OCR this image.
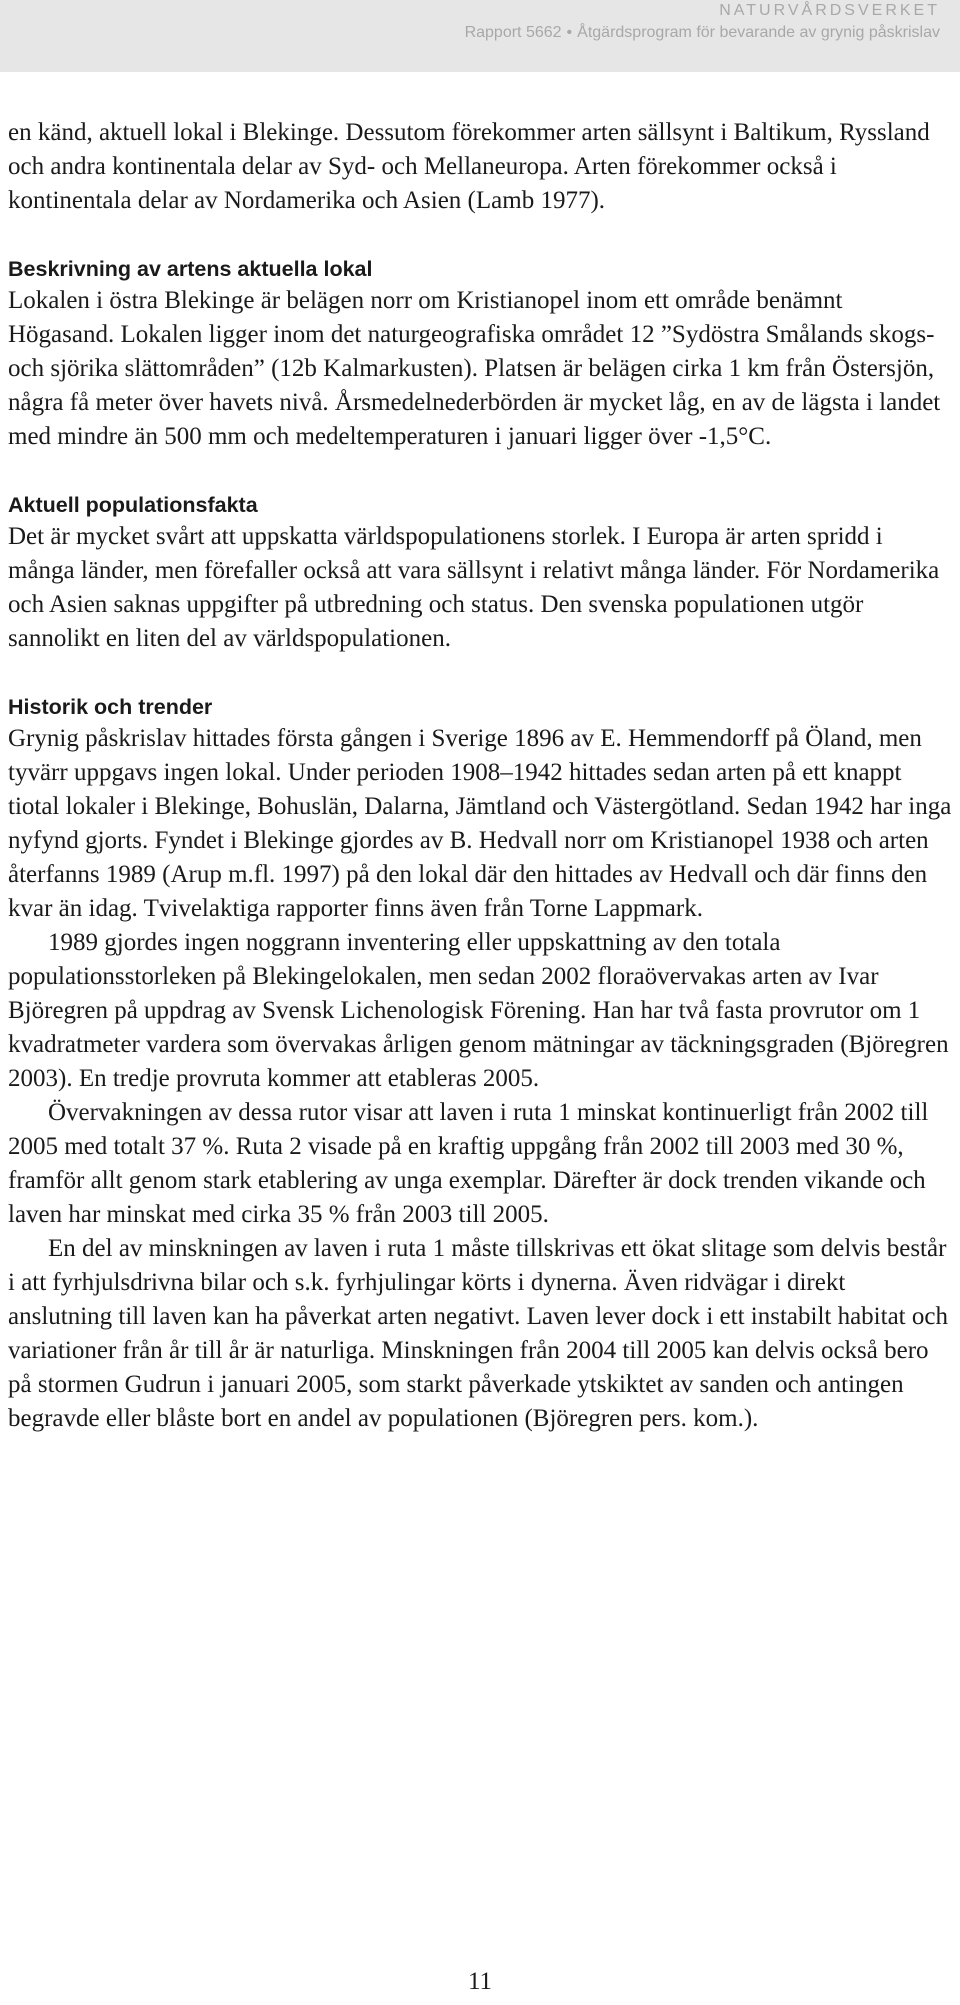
NATURVÅRDSVERKET
Rapport 5662 • Åtgärdsprogram för bevarande av grynig påskrislav

en känd, aktuell lokal i Blekinge. Dessutom förekommer arten sällsynt i Baltikum, Ryssland och andra kontinentala delar av Syd- och Mellaneuropa. Arten förekommer också i kontinentala delar av Nordamerika och Asien (Lamb 1977).

Beskrivning av artens aktuella lokal

Lokalen i östra Blekinge är belägen norr om Kristianopel inom ett område benämnt Högasand. Lokalen ligger inom det naturgeografiska området 12 ”Sydöstra Smålands skogs- och sjörika slättområden” (12b Kalmarkusten). Platsen är belägen cirka 1 km från Östersjön, några få meter över havets nivå. Årsmedelnederbörden är mycket låg, en av de lägsta i landet med mindre än 500 mm och medeltemperaturen i januari ligger över -1,5°C.

Aktuell populationsfakta

Det är mycket svårt att uppskatta världspopulationens storlek. I Europa är arten spridd i många länder, men förefaller också att vara sällsynt i relativt många länder. För Nordamerika och Asien saknas uppgifter på utbredning och status. Den svenska populationen utgör sannolikt en liten del av världspopulationen.

Historik och trender

Grynig påskrislav hittades första gången i Sverige 1896 av E. Hemmendorff på Öland, men tyvärr uppgavs ingen lokal. Under perioden 1908–1942 hittades sedan arten på ett knappt tiotal lokaler i Blekinge, Bohuslän, Dalarna, Jämtland och Västergötland. Sedan 1942 har inga nyfynd gjorts. Fyndet i Blekinge gjordes av B. Hedvall norr om Kristianopel 1938 och arten återfanns 1989 (Arup m.fl. 1997) på den lokal där den hittades av Hedvall och där finns den kvar än idag. Tvivelaktiga rapporter finns även från Torne Lappmark.

1989 gjordes ingen noggrann inventering eller uppskattning av den totala populationsstorleken på Blekingelokalen, men sedan 2002 floraövervakas arten av Ivar Björegren på uppdrag av Svensk Lichenologisk Förening. Han har två fasta provrutor om 1 kvadratmeter vardera som övervakas årligen genom mätningar av täckningsgraden (Björegren 2003). En tredje provruta kommer att etableras 2005.

Övervakningen av dessa rutor visar att laven i ruta 1 minskat kontinuerligt från 2002 till 2005 med totalt 37 %. Ruta 2 visade på en kraftig uppgång från 2002 till 2003 med 30 %, framför allt genom stark etablering av unga exemplar. Därefter är dock trenden vikande och laven har minskat med cirka 35 % från 2003 till 2005.

En del av minskningen av laven i ruta 1 måste tillskrivas ett ökat slitage som delvis består i att fyrhjulsdrivna bilar och s.k. fyrhjulingar körts i dynerna. Även ridvägar i direkt anslutning till laven kan ha påverkat arten negativt. Laven lever dock i ett instabilt habitat och variationer från år till år är naturliga. Minskningen från 2004 till 2005 kan delvis också bero på stormen Gudrun i januari 2005, som starkt påverkade ytskiktet av sanden och antingen begravde eller blåste bort en andel av populationen (Björegren pers. kom.).

11
